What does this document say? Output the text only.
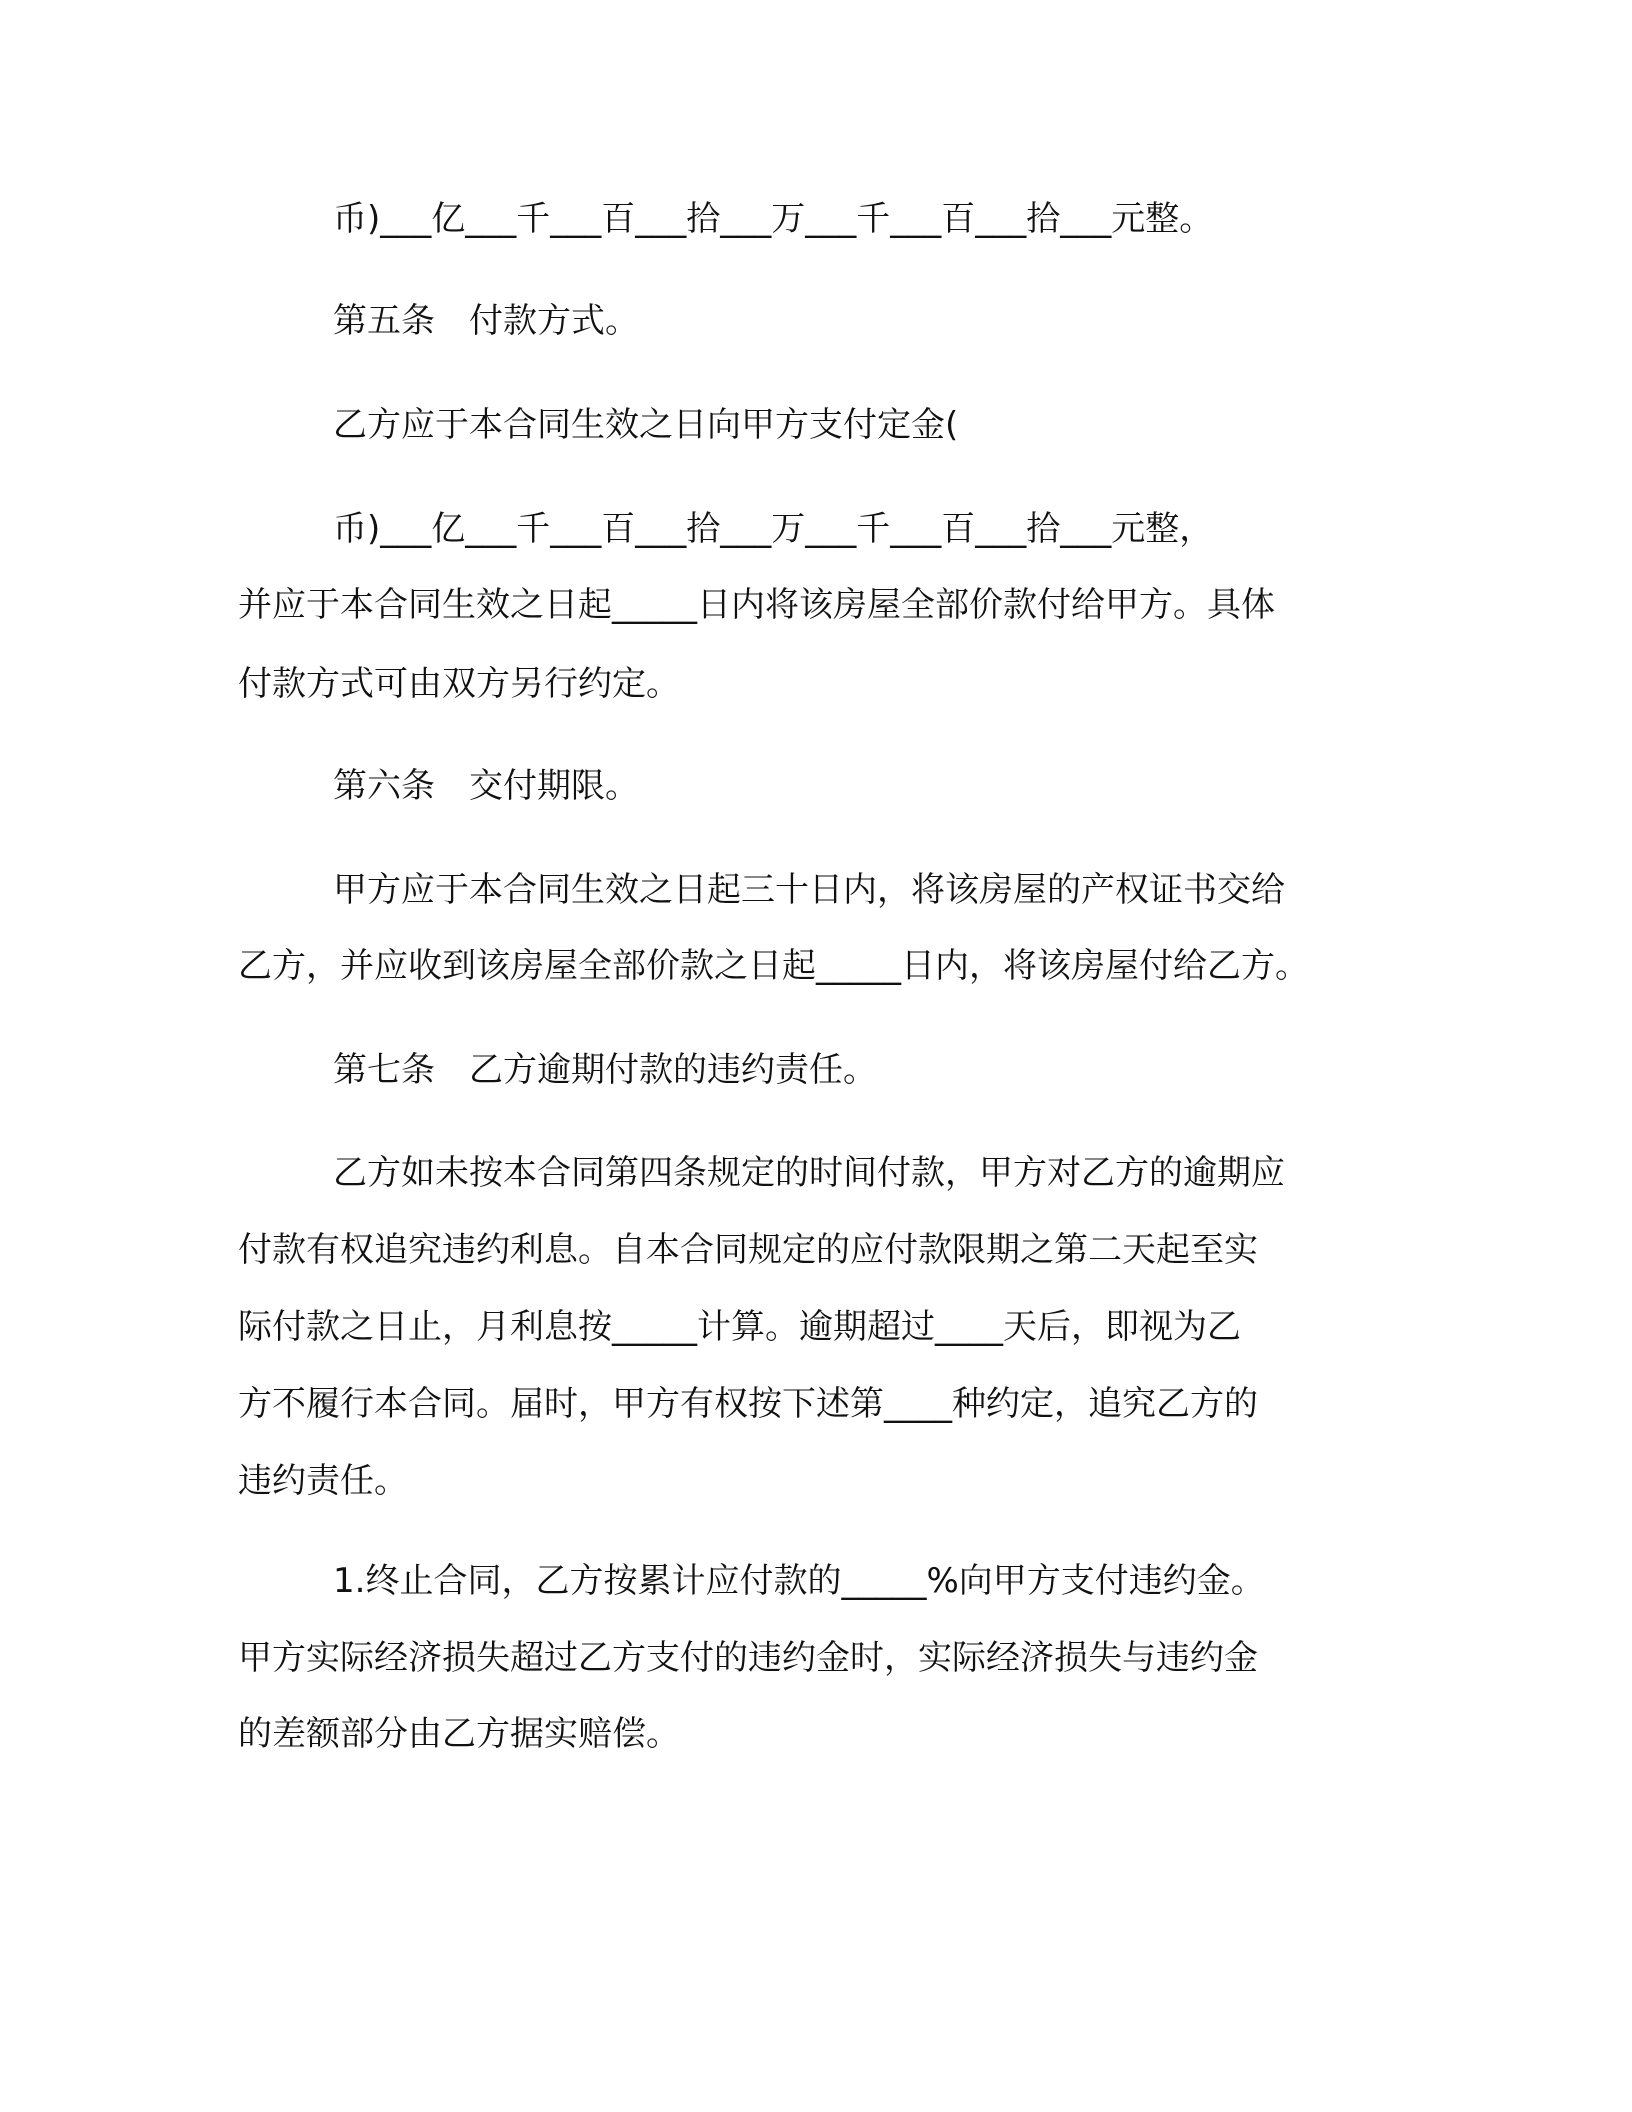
币)___亿___千___百___拾___万___千___百___拾___元整。
第五条　付款方式。
乙方应于本合同生效之日向甲方支付定金(
币)___亿___千___百___拾___万___千___百___拾___元整，
并应于本合同生效之日起_____日内将该房屋全部价款付给甲方。具体
付款方式可由双方另行约定。
第六条　交付期限。
甲方应于本合同生效之日起三十日内，将该房屋的产权证书交给
乙方，并应收到该房屋全部价款之日起_____日内，将该房屋付给乙方。
第七条　乙方逾期付款的违约责任。
乙方如未按本合同第四条规定的时间付款，甲方对乙方的逾期应
付款有权追究违约利息。自本合同规定的应付款限期之第二天起至实
际付款之日止，月利息按_____计算。逾期超过____天后，即视为乙
方不履行本合同。届时，甲方有权按下述第____种约定，追究乙方的
违约责任。
1.终止合同，乙方按累计应付款的_____%向甲方支付违约金。
甲方实际经济损失超过乙方支付的违约金时，实际经济损失与违约金
的差额部分由乙方据实赔偿。
